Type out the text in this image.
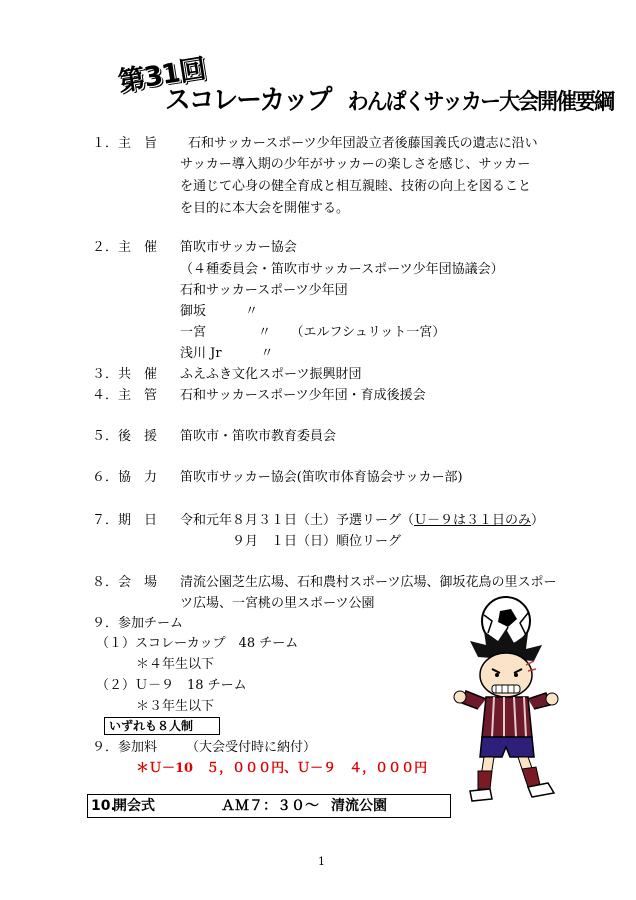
第31回
スコレーカップ わんぱくサッカー大会開催要綱
１．主　旨	石和サッカースポーツ少年団設立者後藤国義氏の遺志に沿い
サッカー導入期の少年がサッカーの楽しさを感じ、サッカー
を通じて心身の健全育成と相互親睦、技術の向上を図ること
を目的に本大会を開催する。
２．主　催	笛吹市サッカー協会
（４種委員会・笛吹市サッカースポーツ少年団協議会）
石和サッカースポーツ少年団
御坂　　　〃
一宮　　　　〃　　（エルフシュリット一宮）
浅川 Jr　　　〃
３．共　催	ふえふき文化スポーツ振興財団
４．主　管	石和サッカースポーツ少年団・育成後援会
５．後　援	笛吹市・笛吹市教育委員会
６．協　力	笛吹市サッカー協会(笛吹市体育協会サッカー部)
７．期　日	令和元年８月３１日（土）予選リーグ（Ｕ－９は３１日のみ）
９月　１日（日）順位リーグ
８．会　場	清流公園芝生広場、石和農村スポーツ広場、御坂花鳥の里スポー
ツ広場、一宮桃の里スポーツ公園
９．参加チーム
（１）スコレーカップ　48 チーム
＊４年生以下
（２）Ｕ－９　18 チーム
＊３年生以下
いずれも８人制
９．参加料	（大会受付時に納付）
＊Ｕ－10　５，０００円、Ｕ－９　４，０００円
10.
開会式	ＡＭ７：３０～ 清流公園
1
